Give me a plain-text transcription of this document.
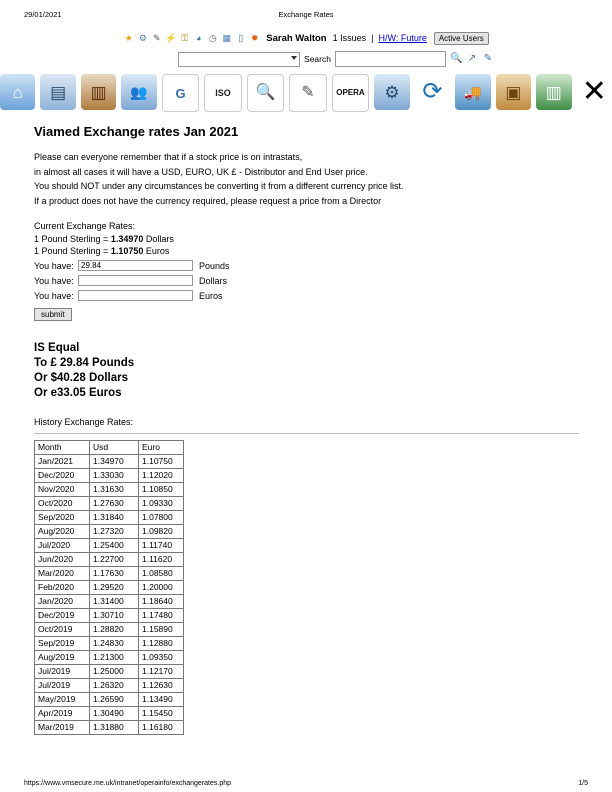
29/01/2021	Exchange Rates
★ ⚙ ✎ ⚡ ⚿ ◕ ◷ ▦ ▯ ✹ Sarah Walton 1 Issues | H/W: Future	Active Users
Search	🔍 ↗ ✎
⌂	▤	▥	👥	G	ISO	🔍	✎	OPERA	⚙ ⟳	🚚	▣	▥ ✕
Viamed Exchange rates Jan 2021

Please can everyone remember that if a stock price is on intrastats,

in almost all cases it will have a USD, EURO, UK £ - Distributor and End User price.

You should NOT under any circumstances be converting it from a different currency price list.

If a product does not have the currency required, please request a price from a Director

Current Exchange Rates:
1 Pound Sterling = 1.34970 Dollars
1 Pound Sterling = 1.10750 Euros
You have:
29.84	Pounds
You have:	Dollars
You have:	Euros
submit
IS Equal
To £ 29.84 Pounds
Or $40.28 Dollars
Or e33.05 Euros
History Exchange Rates:
Month	Usd	Euro
Jan/2021	1.34970	1.10750
Dec/2020	1.33030	1.12020
Nov/2020	1.31630	1.10850
Oct/2020	1.27630	1.09330
Sep/2020	1.31840	1.07800
Aug/2020	1.27320	1.09820
Jul/2020	1.25400	1.11740
Jun/2020	1.22700	1.11620
Mar/2020	1.17630	1.08580
Feb/2020	1.29520	1.20000
Jan/2020	1.31400	1.18640
Dec/2019	1.30710	1.17480
Oct/2019	1.28820	1.15890
Sep/2019	1.24830	1.12880
Aug/2019	1.21300	1.09350
Jul/2019	1.25000	1.12170
Jul/2019	1.26320	1.12630
May/2019	1.26590	1.13490
Apr/2019	1.30490	1.15450
Mar/2019	1.31880	1.16180
https://www.vmsecure.me.uk/intranet/operainfo/exchangerates.php	1/5
